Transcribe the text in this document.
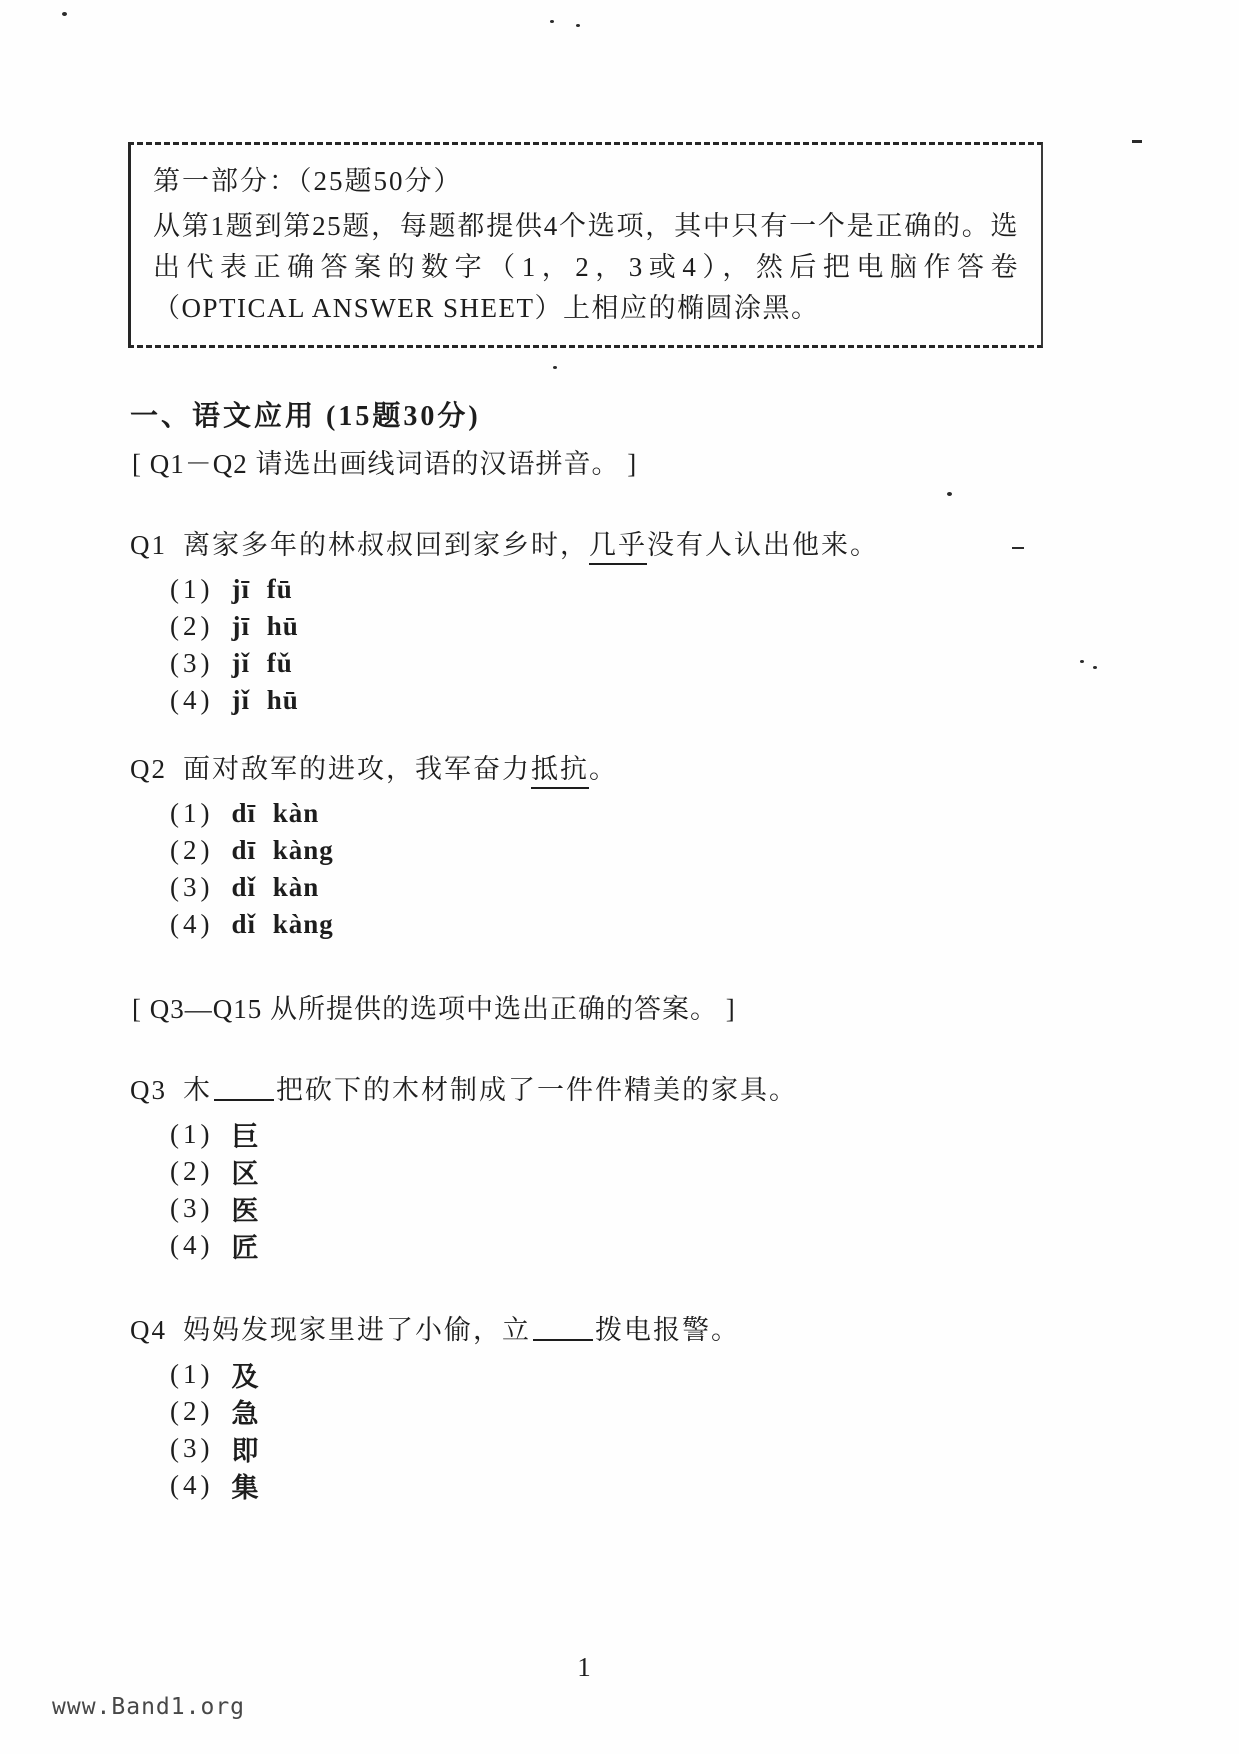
第一部分：（25题50分）
从第1题到第25题，每题都提供4个选项，其中只有一个是正确的。选出代表正确答案的数字（1，2，3或4），然后把电脑作答卷（OPTICAL ANSWER SHEET）上相应的椭圆涂黑。
一、语文应用 (15题30分)
[ Q1－Q2 请选出画线词语的汉语拼音。 ]
Q1 离家多年的林叔叔回到家乡时，几乎没有人认出他来。
(1) jī fū
(2) jī hū
(3) jǐ fǔ
(4) jǐ hū
Q2 面对敌军的进攻，我军奋力抵抗。
(1) dī kàn
(2) dī kàng
(3) dǐ kàn
(4) dǐ kàng
[ Q3—Q15 从所提供的选项中选出正确的答案。 ]
Q3 木 把砍下的木材制成了一件件精美的家具。
(1) 巨
(2) 区
(3) 医
(4) 匠
Q4 妈妈发现家里进了小偷，立 拨电报警。
(1) 及
(2) 急
(3) 即
(4) 集
1
www.Band1.org
